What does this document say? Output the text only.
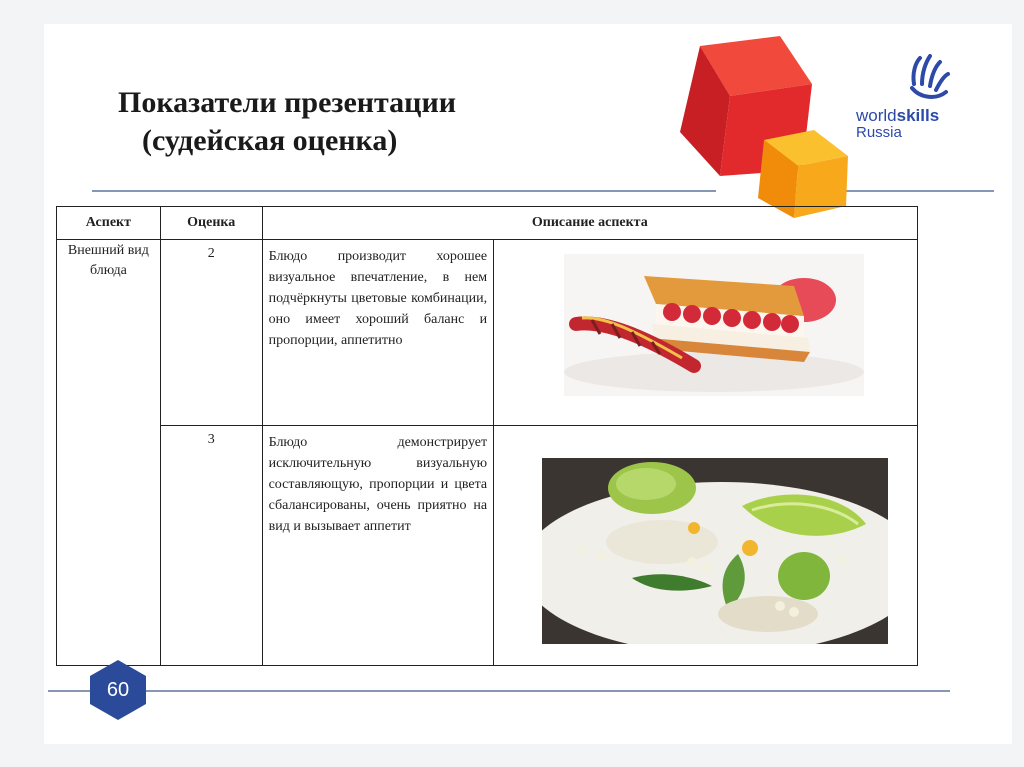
Показатели презентации
(судейская оценка)
worldskills
Russia
Аспект	Оценка	Описание аспекта	
Внешний вид блюда	2	Блюдо производит хорошее визуальное впечатление, в нем подчёркнуты цветовые комбинации, оно имеет хороший баланс и пропорции, аппетитно	

	3	Блюдо демонстрирует исключительную визуальную составляющую, пропорции и цвета сбалансированы, очень приятно на вид и вызывает аппетит	
60
